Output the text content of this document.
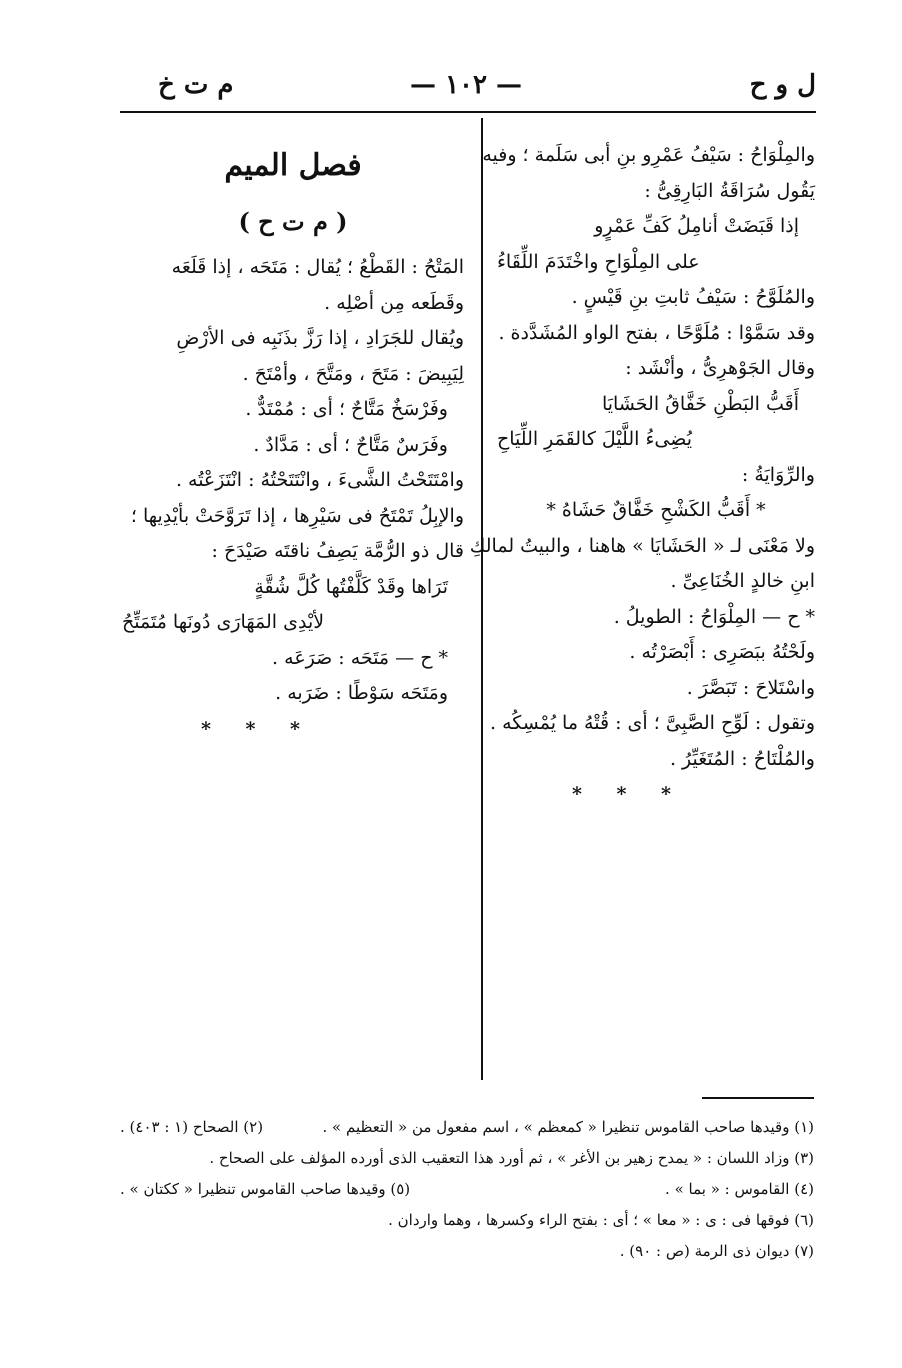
م ت خ	— ١٠٢ —	ل و ح

والمِلْوَاحُ : سَيْفُ عَمْرِو بنِ أبى سَلَمة ؛ وفيه

يَقُول سُرَاقَةُ البَارِقِىُّ :

إذا قَبَضَتْ أنامِلُ كَفِّ عَمْرٍو

على المِلْوَاحِ واخْتَدَمَ اللِّقَاءُ

والمُلَوَّحُ : سَيْفُ ثابتِ بنِ قَيْسٍ .

وقد سَمَّوْا : مُلَوَّحًا ، بفتح الواو المُشَدَّدة .

وقال الجَوْهرِىُّ ، وأنْشَد :

أَقَبُّ البَطْنِ خَفَّاقُ الحَشَايَا

يُضِىءُ اللَّيْلَ كالقَمَرِ اللِّيَاحِ

والرِّوَايَةُ :

* أَقَبُّ الكَشْحِ خَفَّاقٌ حَشَاهُ *

ولا مَعْنَى لـ « الحَشَايَا » هاهنا ، والبيتُ لمالكِ

ابنِ خالدٍ الخُنَاعِىِّ .

* ح — المِلْوَاحُ : الطويلُ .

ولَحْتُهُ ببَصَرِى : أَبْصَرْتُه .

واسْتَلاحَ : تَبَصَّرَ .

وتقول : لَوِّحِ الصَّبِىَّ ؛ أى : قُتْهُ ما يُمْسِكُه .

والمُلْتَاحُ : المُتَغَيِّرُ .

* * *

فصل الميم

( م ت ح )

المَتْحُ : القَطْعُ ؛ يُقال : مَتَحَه ، إذا قَلَعَه

وقَطَعه مِن أصْلِه .

ويُقال للجَرَادِ ، إذا رَزَّ بذَنَبِه فى الأرْضِ

لِيَبِيضَ : مَتَحَ ، ومَتَّحَ ، وأمْتَحَ .

وفَرْسَخٌ مَتَّاحٌ ؛ أى : مُمْتَدٌّ .

وفَرَسٌ مَتَّاحٌ ؛ أى : مَدَّادٌ .

وامْتَتَحْتُ الشَّىءَ ، وانْتَتَحْتُهُ : انْتَزَعْتُه .

والإبِلُ تَمْتَحُ فى سَيْرِها ، إذا تَرَوَّحَتْ بأيْدِيها ؛

قال ذو الرُّمَّة يَصِفُ ناقتَه صَيْدَحَ :

تَرَاها وقَدْ كَلَّفْتُها كُلَّ شُقَّةٍ

لأيْدِى المَهَارَى دُونَها مُتَمَتِّحُ

* ح — مَتَحَه : صَرَعَه .

ومَتَحَه سَوْطًا : ضَرَبه .

* * *

(١) وقيدها صاحب القاموس تنظيرا « كمعظم » ، اسم مفعول من « التعظيم » .

(٢) الصحاح (١ : ٤٠٣) .

(٣) وزاد اللسان : « يمدح زهير بن الأغر » ، ثم أورد هذا التعقيب الذى أورده المؤلف على الصحاح .

(٤) القاموس : « بما » .

(٥) وقيدها صاحب القاموس تنظيرا « ككتان » .

(٦) فوقها فى : ى : « معا » ؛ أى : بفتح الراء وكسرها ، وهما واردان .

(٧) ديوان ذى الرمة (ص : ٩٠) .
